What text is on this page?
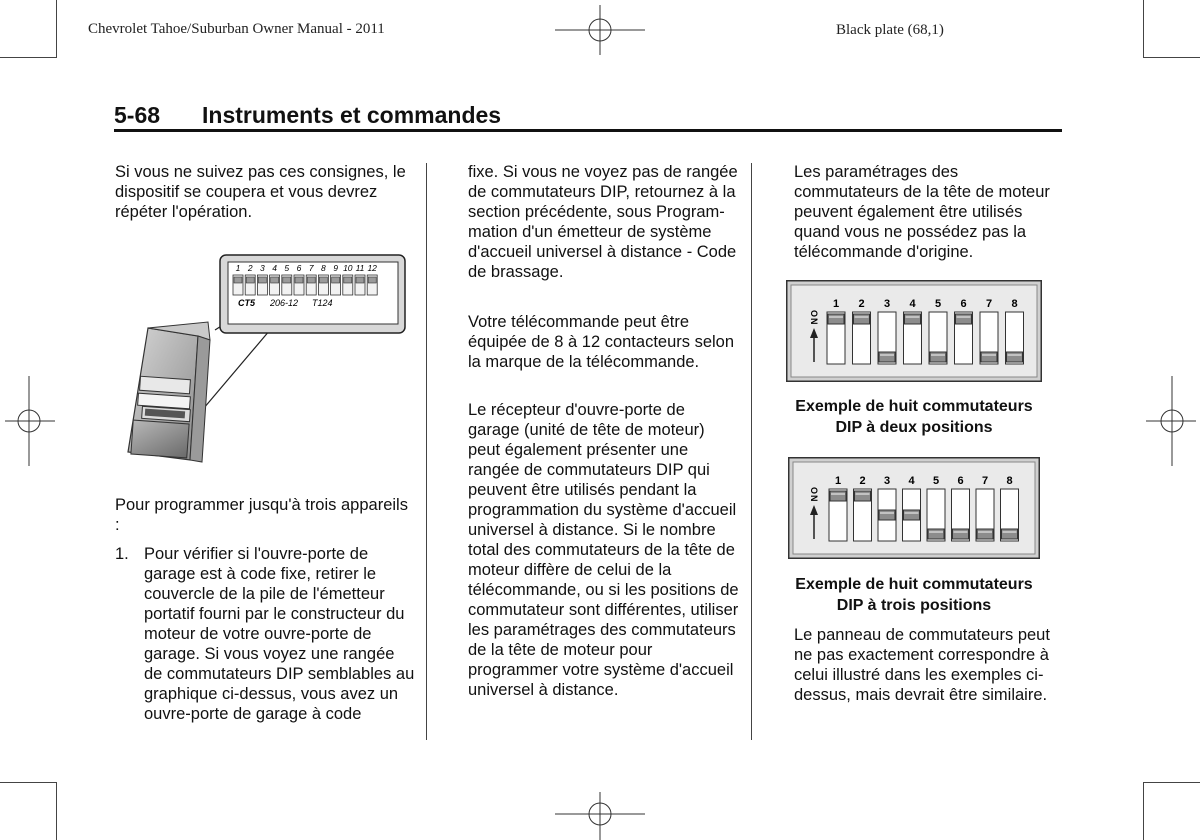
Chevrolet Tahoe/Suburban Owner Manual - 2011	Black plate (68,1)
5-68 Instruments et commandes

Si vous ne suivez pas ces consignes, le dispositif se coupera et vous devrez répéter l'opération.

1 2 3 4 5 6 7 8 9 10 11 12
CT5 206-12 T124

Pour programmer jusqu'à trois appareils :

1. Pour vérifier si l'ouvre-porte de garage est à code fixe, retirer le couvercle de la pile de l'émetteur portatif fourni par le constructeur du moteur de votre ouvre-porte de garage. Si vous voyez une rangée de commutateurs DIP semblables au graphique ci-dessus, vous avez un ouvre-porte de garage à code

fixe. Si vous ne voyez pas de rangée de commutateurs DIP, retournez à la section précédente, sous Program- mation d'un émetteur de système d'accueil universel à distance - Code de brassage.

Votre télécommande peut être équipée de 8 à 12 contacteurs selon la marque de la télécommande.

Le récepteur d'ouvre-porte de garage (unité de tête de moteur) peut également présenter une rangée de commutateurs DIP qui peuvent être utilisés pendant la programmation du système d'accueil universel à distance. Si le nombre total des commutateurs de la tête de moteur diffère de celui de la télécommande, ou si les positions de commutateur sont différentes, utiliser les paramétrages des commutateurs de la tête de moteur pour programmer votre système d'accueil universel à distance.

Les paramétrages des commutateurs de la tête de moteur peuvent également être utilisés quand vous ne possédez pas la télécommande d'origine.

ON
1 2 3 4 5 6 7 8
Exemple de huit commutateurs
DIP à deux positions
ON
1 2 3 4 5 6 7 8
Exemple de huit commutateurs
DIP à trois positions

Le panneau de commutateurs peut ne pas exactement correspondre à celui illustré dans les exemples ci-dessus, mais devrait être similaire.
